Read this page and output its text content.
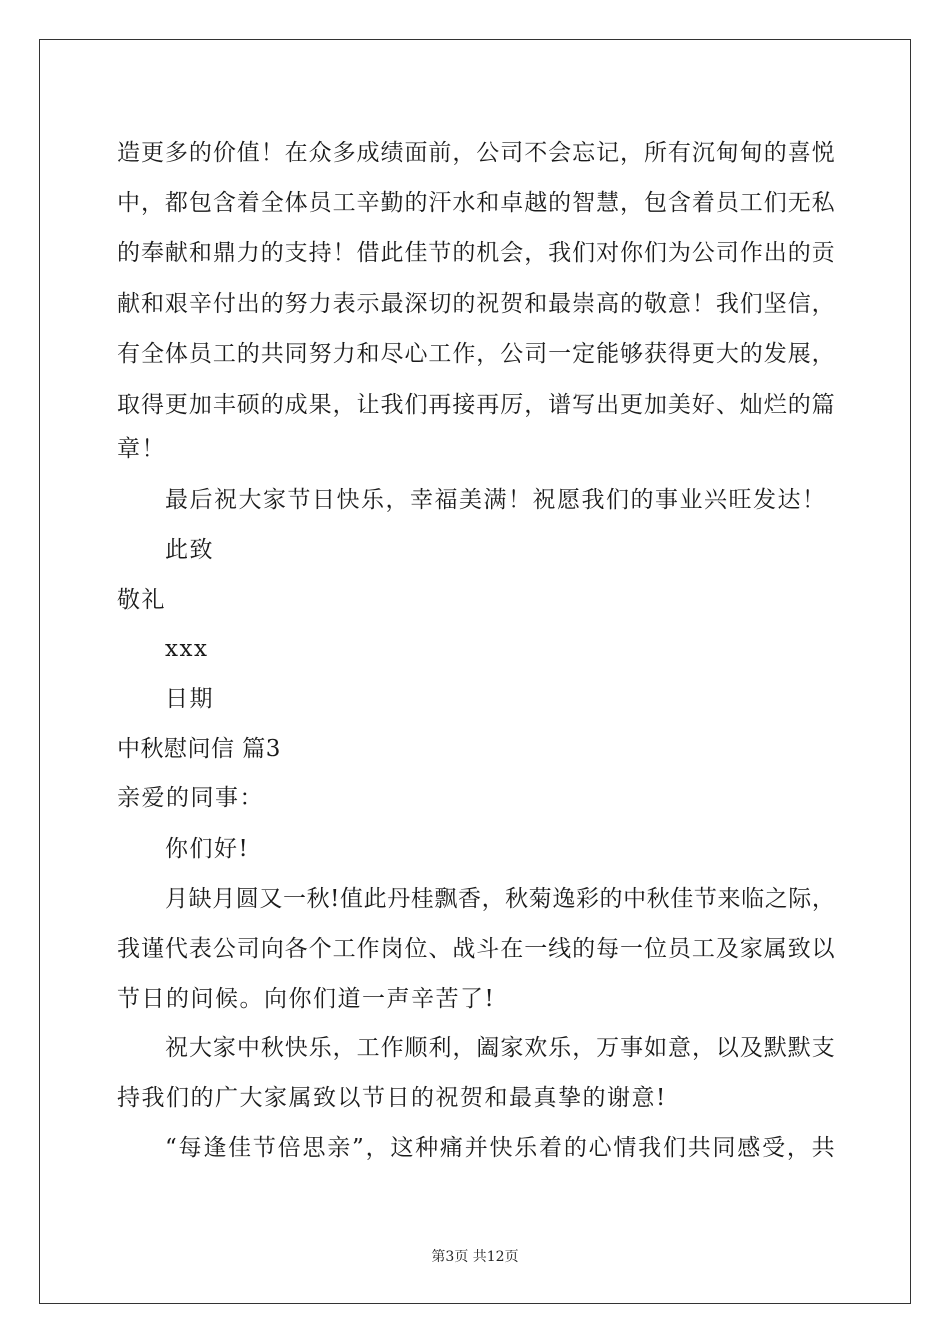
造 更 多 的 价 值 ！ 在 众 多 成 绩 面 前 ， 公 司 不 会 忘 记 ， 所 有 沉 甸 甸 的 喜 悦
中 ， 都 包 含 着 全 体 员 工 辛 勤 的 汗 水 和 卓 越 的 智 慧 ， 包 含 着 员 工 们 无 私
的 奉 献 和 鼎 力 的 支 持 ！ 借 此 佳 节 的 机 会 ， 我 们 对 你 们 为 公 司 作 出 的 贡
献 和 艰 辛 付 出 的 努 力 表 示 最 深 切 的 祝 贺 和 最 崇 高 的 敬 意 ！ 我 们 坚 信 ，
有 全 体 员 工 的 共 同 努 力 和 尽 心 工 作 ， 公 司 一 定 能 够 获 得 更 大 的 发 展 ，
取 得 更 加 丰 硕 的 成 果 ， 让 我 们 再 接 再 厉 ， 谱 写 出 更 加 美 好 、 灿 烂 的 篇
章！
最后祝大家节日快乐，幸福美满！祝愿我们的事业兴旺发达！
此致
敬礼
xxx
日期
中秋慰问信 篇3
亲爱的同事：
你们好!
月 缺 月 圆 又 一 秋 ! 值 此 丹 桂 飘 香 ， 秋 菊 逸 彩 的 中 秋 佳 节 来 临 之 际 ，
我 谨 代 表 公 司 向 各 个 工 作 岗 位 、 战 斗 在 一 线 的 每 一 位 员 工 及 家 属 致 以
节日的问候。向你们道一声辛苦了!
祝 大 家 中 秋 快 乐 ， 工 作 顺 利 ， 阖 家 欢 乐 ， 万 事 如 意 ， 以 及 默 默 支
持我们的广大家属致以节日的祝贺和最真挚的谢意!
“ 每 逢 佳 节 倍 思 亲 ” ， 这 种 痛 并 快 乐 着 的 心 情 我 们 共 同 感 受 ， 共
第3页 共12页
